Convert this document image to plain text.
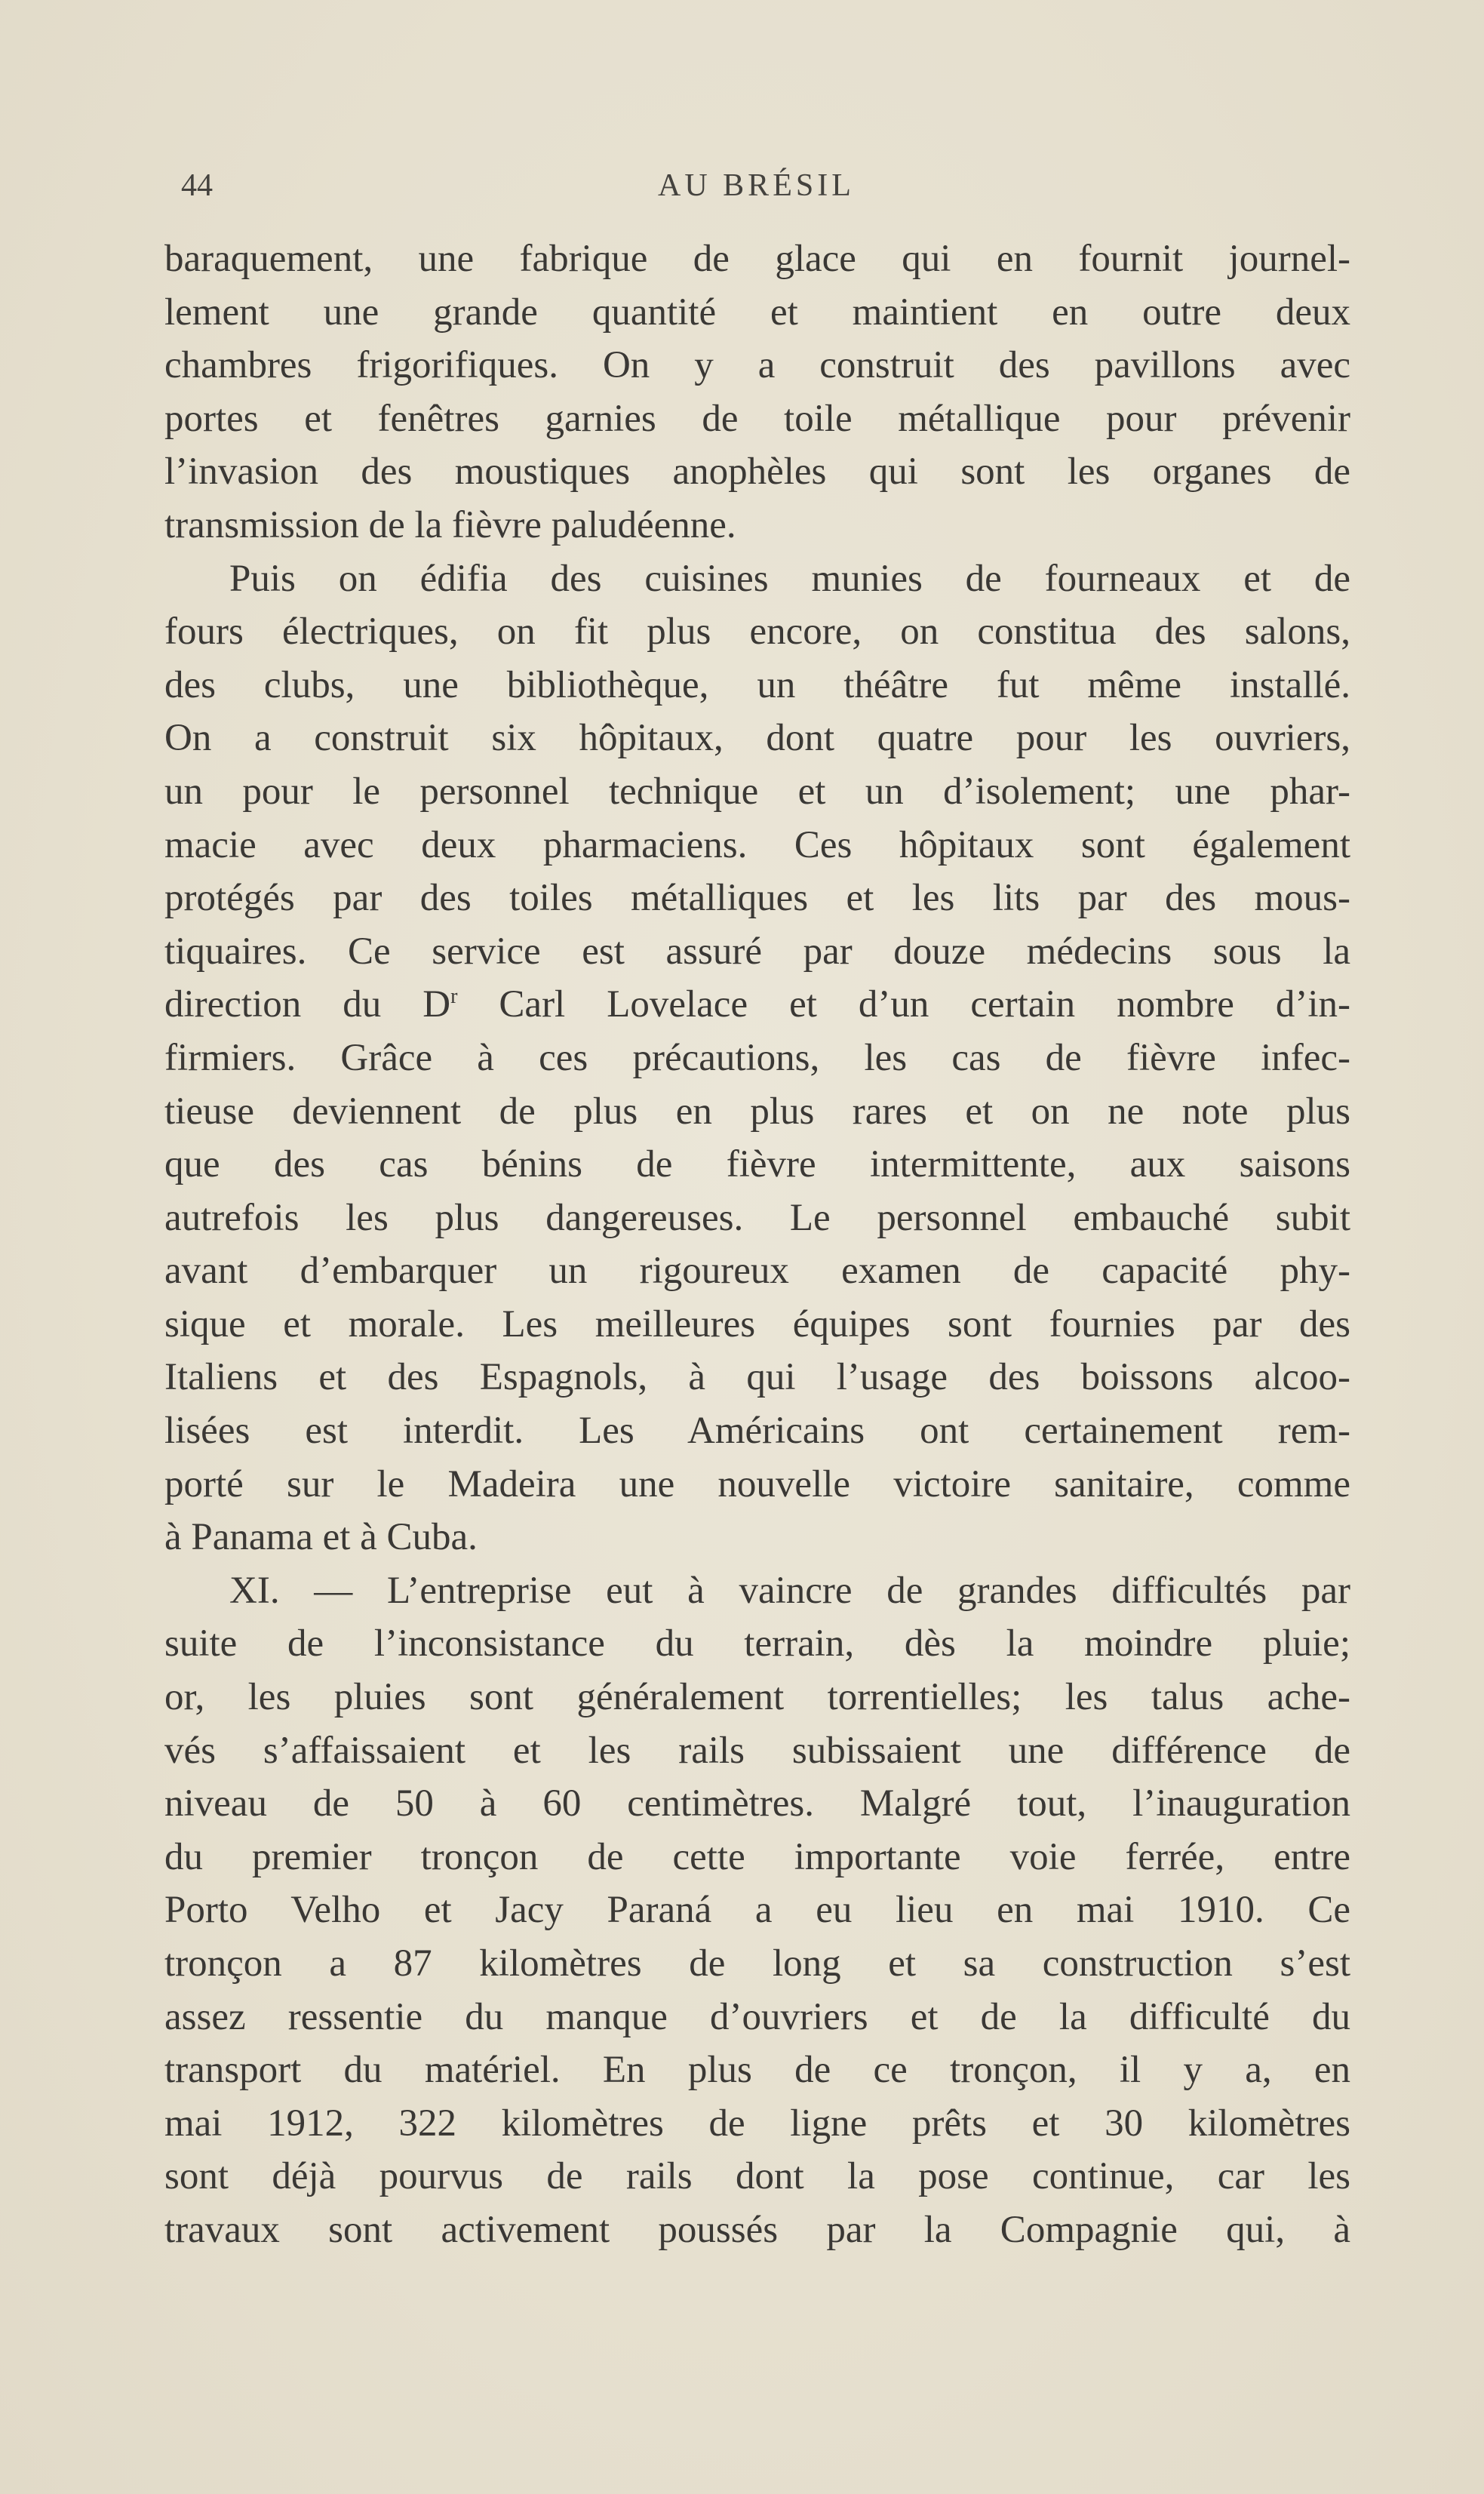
44	AU BRÉSIL
baraquement, une fabrique de glace qui en fournit journel-
lement une grande quantité et maintient en outre deux
chambres frigorifiques. On y a construit des pavillons avec
portes et fenêtres garnies de toile métallique pour prévenir
l’invasion des moustiques anophèles qui sont les organes de
transmission de la fièvre paludéenne.
Puis on édifia des cuisines munies de fourneaux et de
fours électriques, on fit plus encore, on constitua des salons,
des clubs, une bibliothèque, un théâtre fut même installé.
On a construit six hôpitaux, dont quatre pour les ouvriers,
un pour le personnel technique et un d’isolement; une phar-
macie avec deux pharmaciens. Ces hôpitaux sont également
protégés par des toiles métalliques et les lits par des mous-
tiquaires. Ce service est assuré par douze médecins sous la
direction du $D^r$ Carl Lovelace et d’un certain nombre d’in-
firmiers. Grâce à ces précautions, les cas de fièvre infec-
tieuse deviennent de plus en plus rares et on ne note plus
que des cas bénins de fièvre intermittente, aux saisons
autrefois les plus dangereuses. Le personnel embauché subit
avant d’embarquer un rigoureux examen de capacité phy-
sique et morale. Les meilleures équipes sont fournies par des
Italiens et des Espagnols, à qui l’usage des boissons alcoo-
lisées est interdit. Les Américains ont certainement rem-
porté sur le Madeira une nouvelle victoire sanitaire, comme
à Panama et à Cuba.
XI. — L’entreprise eut à vaincre de grandes difficultés par
suite de l’inconsistance du terrain, dès la moindre pluie;
or, les pluies sont généralement torrentielles; les talus ache-
vés s’affaissaient et les rails subissaient une différence de
niveau de 50 à 60 centimètres. Malgré tout, l’inauguration
du premier tronçon de cette importante voie ferrée, entre
Porto Velho et Jacy Paraná a eu lieu en mai 1910. Ce
tronçon a 87 kilomètres de long et sa construction s’est
assez ressentie du manque d’ouvriers et de la difficulté du
transport du matériel. En plus de ce tronçon, il y a, en
mai 1912, 322 kilomètres de ligne prêts et 30 kilomètres
sont déjà pourvus de rails dont la pose continue, car les
travaux sont activement poussés par la Compagnie qui, à
